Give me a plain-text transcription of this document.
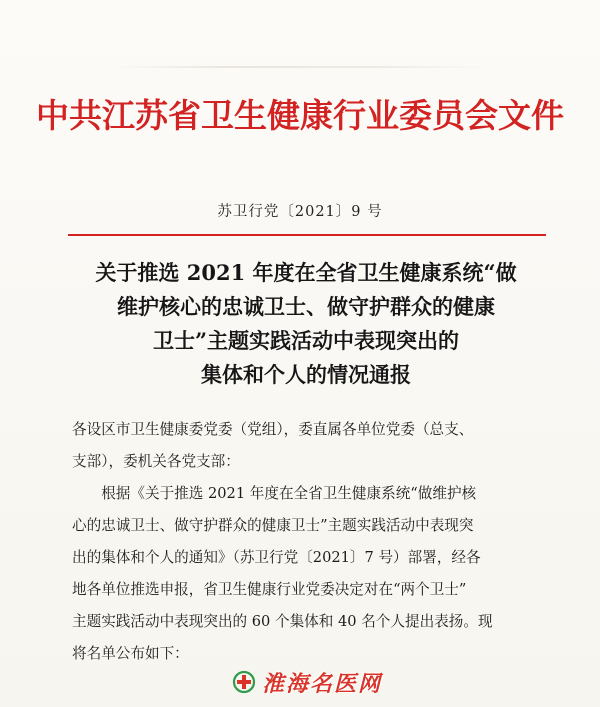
中共江苏省卫生健康行业委员会文件
苏卫行党〔2021〕9 号
关于推选 2021 年度在全省卫生健康系统“做
维护核心的忠诚卫士、做守护群众的健康
卫士”主题实践活动中表现突出的
集体和个人的情况通报
各设区市卫生健康委党委（党组），委直属各单位党委（总支、
支部），委机关各党支部：
根据《关于推选 2021 年度在全省卫生健康系统“做维护核
心的忠诚卫士、做守护群众的健康卫士”主题实践活动中表现突
出的集体和个人的通知》（苏卫行党〔2021〕7 号）部署，经各
地各单位推选申报，省卫生健康行业党委决定对在“两个卫士”
主题实践活动中表现突出的 60 个集体和 40 名个人提出表扬。现
将名单公布如下：
淮海名医网
